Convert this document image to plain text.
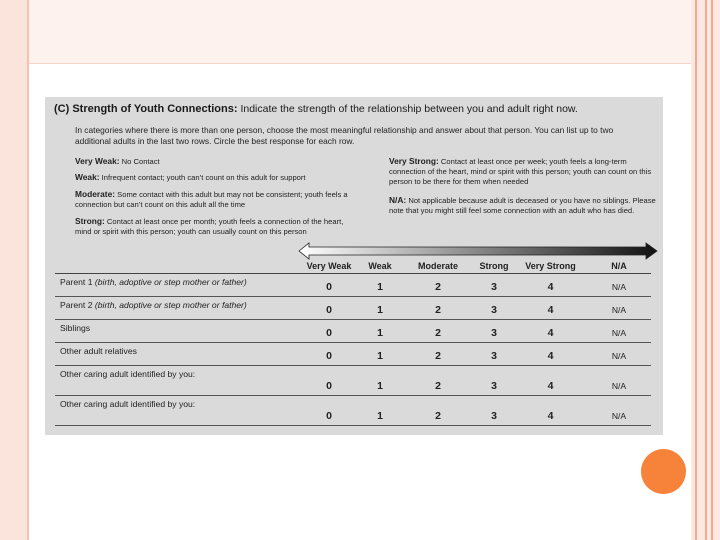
(C) Strength of Youth Connections: Indicate the strength of the relationship between you and adult right now.
In categories where there is more than one person, choose the most meaningful relationship and answer about that person. You can list up to two additional adults in the last two rows. Circle the best response for each row.
Very Weak: No Contact
Weak: Infrequent contact; youth can’t count on this adult for support
Moderate: Some contact with this adult but may not be consistent; youth feels a connection but can’t count on this adult all the time
Strong: Contact at least once per month; youth feels a connection of the heart, mind or spirit with this person; youth can usually count on this person
Very Strong: Contact at least once per week; youth feels a long-term connection of the heart, mind or spirit with this person; youth can count on this person to be there for them when needed
N/A: Not applicable because adult is deceased or you have no siblings. Please note that you might still feel some connection with an adult who has died.
	Very Weak	Weak	Moderate	Strong	Very Strong	N/A
Parent 1 (birth, adoptive or step mother or father)	0	1	2	3	4	N/A
Parent 2 (birth, adoptive or step mother or father)	0	1	2	3	4	N/A
Siblings	0	1	2	3	4	N/A
Other adult relatives	0	1	2	3	4	N/A
Other caring adult identified by you:	0	1	2	3	4	N/A
Other caring adult identified by you:	0	1	2	3	4	N/A
